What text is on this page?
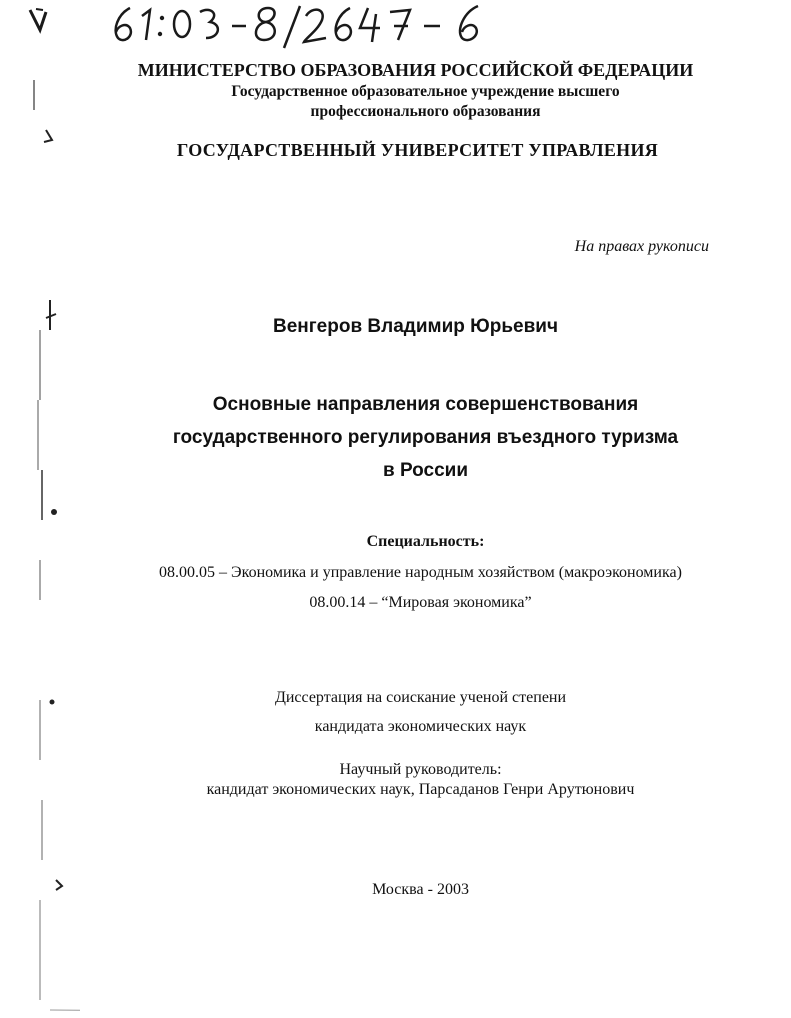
МИНИСТЕРСТВО ОБРАЗОВАНИЯ РОССИЙСКОЙ ФЕДЕРАЦИИ
Государственное образовательное учреждение высшего
профессионального образования
ГОСУДАРСТВЕННЫЙ УНИВЕРСИТЕТ УПРАВЛЕНИЯ
На правах рукописи
Венгеров Владимир Юрьевич
Основные направления совершенствования
государственного регулирования въездного туризма
в России
Специальность:
08.00.05 – Экономика и управление народным хозяйством (макроэкономика)
08.00.14 – “Мировая экономика”
Диссертация на соискание ученой степени
кандидата экономических наук
Научный руководитель:
кандидат экономических наук, Парсаданов Генри Арутюнович
Москва - 2003
